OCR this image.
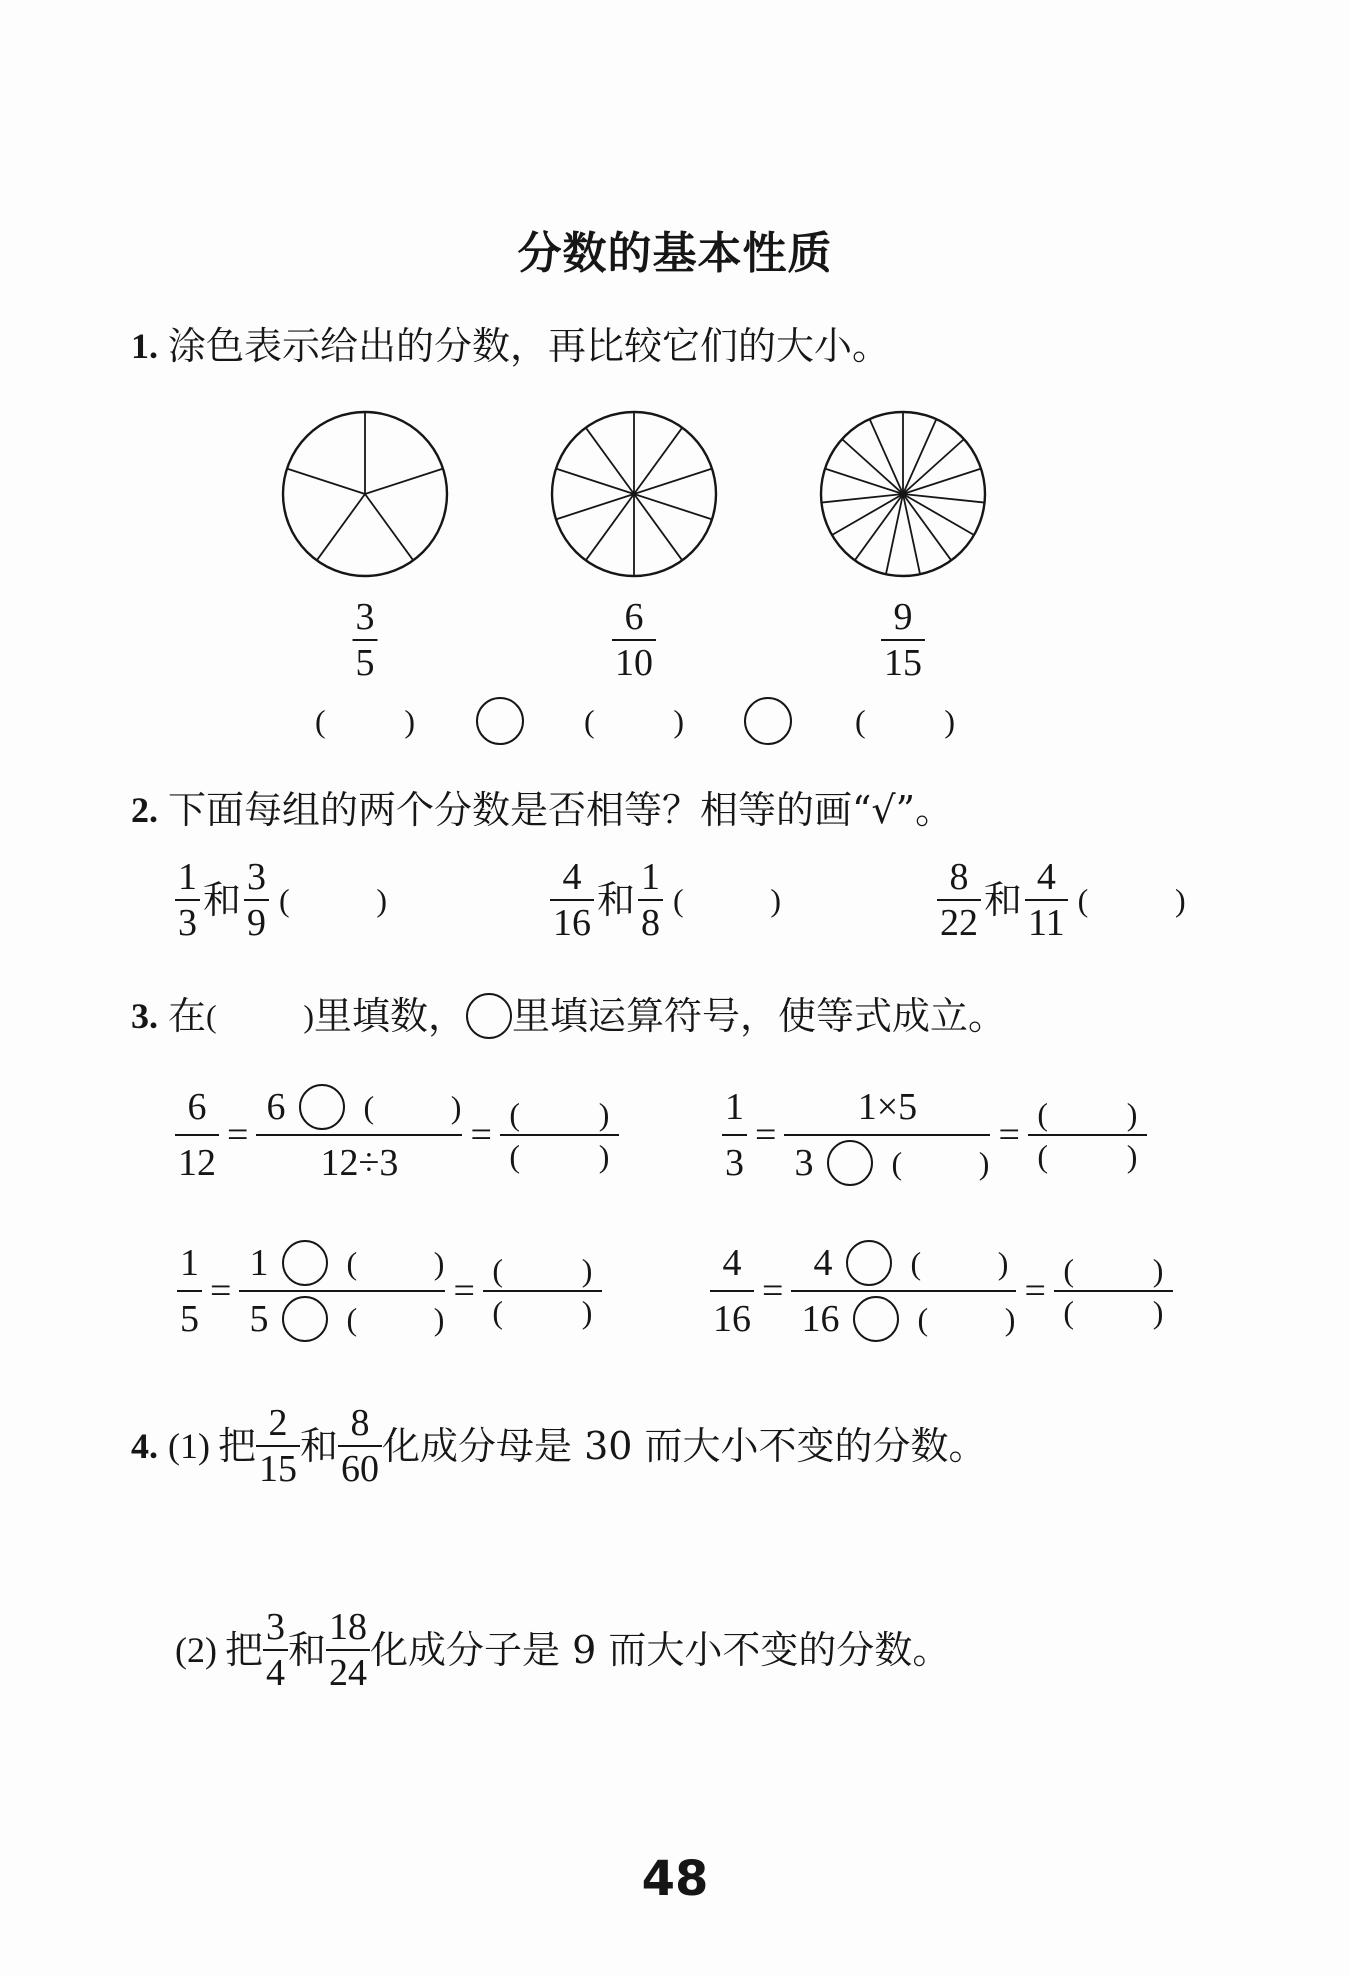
分数的基本性质
1. 涂色表示给出的分数，再比较它们的大小。
$\frac{3}{5}$	$\frac{6}{10}$	$\frac{9}{15}$
( )	( )	( )
2. 下面每组的两个分数是否相等？相等的画“√”。
$\frac{1}{3}$ 和 $\frac{3}{9}$ (	)	$\frac{4}{16}$ 和 $\frac{1}{8}$ (	)	$\frac{8}{22}$ 和 $\frac{4}{11}$ (	)
3. 在 (	) 里填数， 里填运算符号，使等式成立。
$\frac{6}{12} = \frac{6 ( )}{12\div 3} = \frac{( )}{( )}$	$\frac{1}{3} = \frac{1\times 5}{3 ( )} = \frac{( )}{( )}$
$\frac{1}{5} = \frac{1 ( )}{5 ( )} = \frac{( )}{( )}$	$\frac{4}{16} = \frac{4 ( )}{16 ( )} = \frac{( )}{( )}$
4. (1) 把 $\frac{2}{15}$ 和 $\frac{8}{60}$ 化成分母是 30 而大小不变的分数。
(2) 把 $\frac{3}{4}$ 和 $\frac{18}{24}$ 化成分子是 9 而大小不变的分数。
48
